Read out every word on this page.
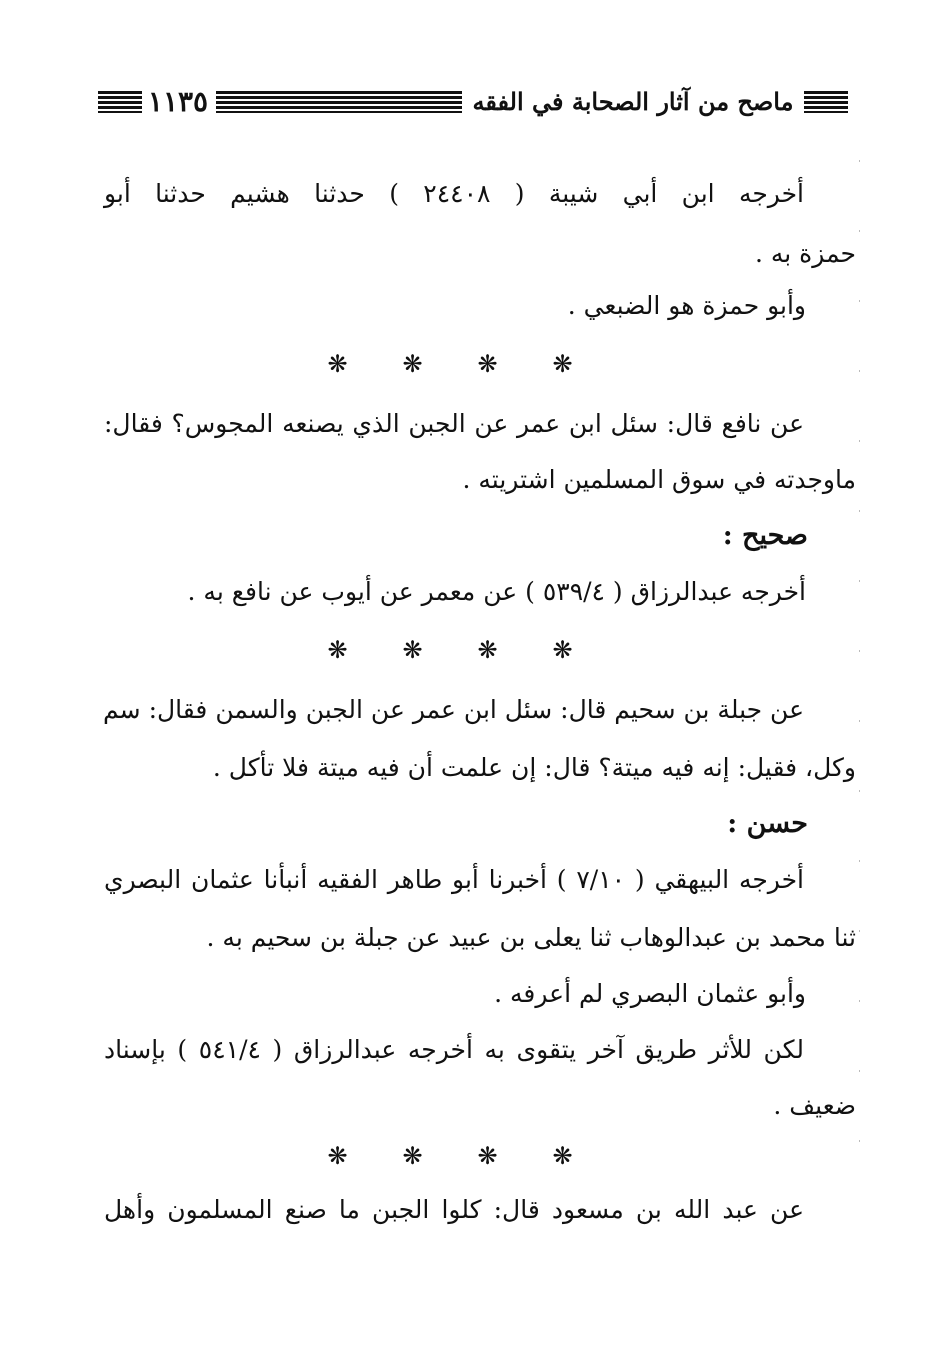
١١٣٥	ماصح من آثار الصحابة في الفقه
أخرجه ابن أبي شيبة ( ٢٤٤٠٨ ) حدثنا هشيم حدثنا أبو
حمزة به .
وأبو حمزة هو الضبعي .
❋	❋	❋	❋
عن نافع قال: سئل ابن عمر عن الجبن الذي يصنعه المجوس؟ فقال:
ماوجدته في سوق المسلمين اشتريته .
صحيح :
أخرجه عبدالرزاق ( ٥٣٩/٤ ) عن معمر عن أيوب عن نافع به .
❋	❋	❋	❋
عن جبلة بن سحيم قال: سئل ابن عمر عن الجبن والسمن فقال: سم
وكل، فقيل: إنه فيه ميتة؟ قال: إن علمت أن فيه ميتة فلا تأكل .
حسن :
أخرجه البيهقي ( ٧/١٠ ) أخبرنا أبو طاهر الفقيه أنبأنا عثمان البصري
ثنا محمد بن عبدالوهاب ثنا يعلى بن عبيد عن جبلة بن سحيم به .
وأبو عثمان البصري لم أعرفه .
لكن للأثر طريق آخر يتقوى به أخرجه عبدالرزاق ( ٥٤١/٤ ) بإسناد
ضعيف .
❋	❋	❋	❋
عن عبد الله بن مسعود قال: كلوا الجبن ما صنع المسلمون وأهل
